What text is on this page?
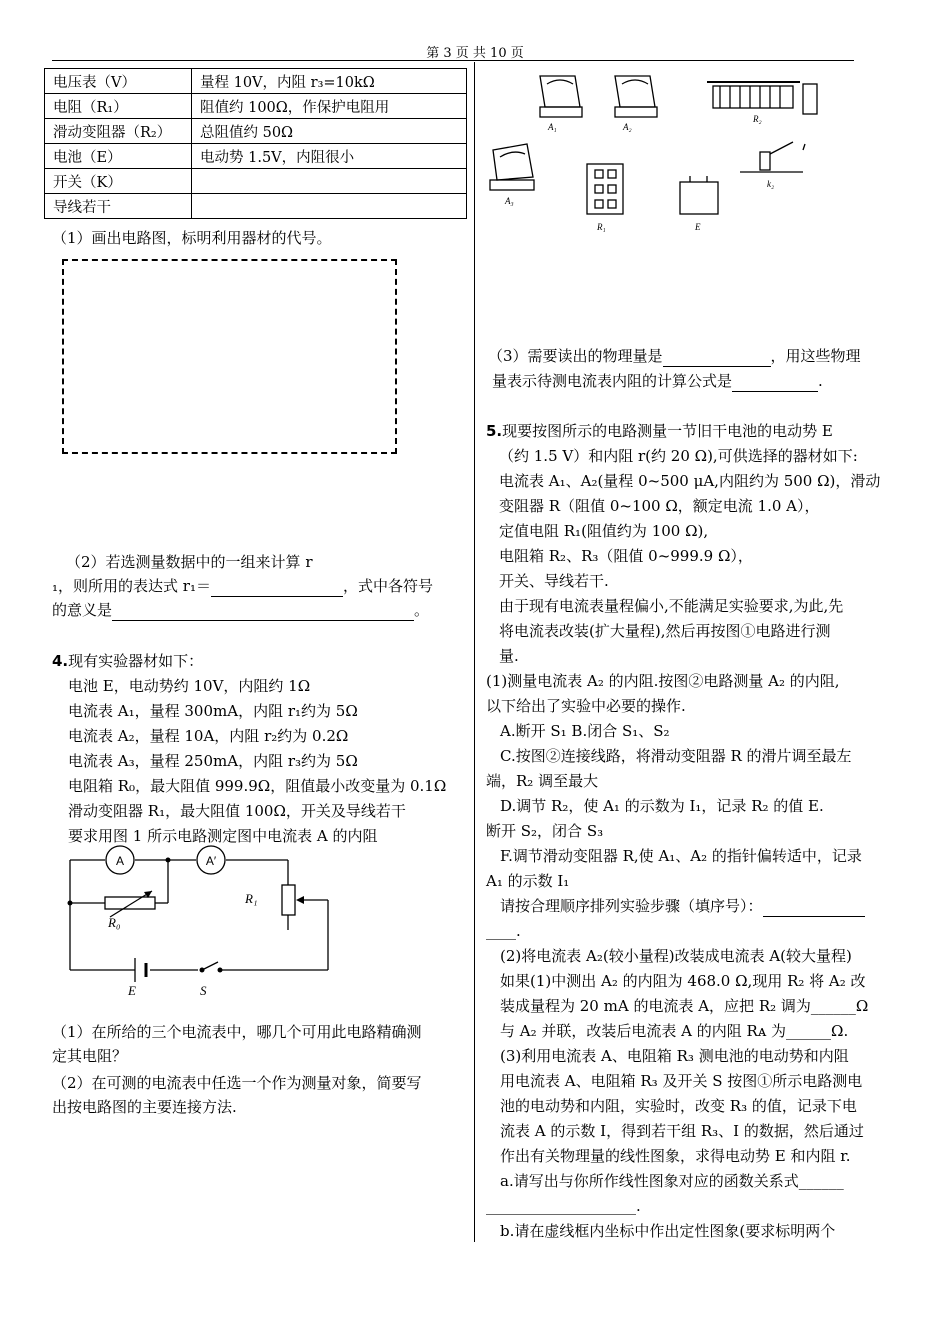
第 3 页 共 10 页
电压表（V）	量程 10V，内阻 r₃=10kΩ
电阻（R₁）	阻值约 100Ω，作保护电阻用
滑动变阻器（R₂）	总阻值约 50Ω
电池（E）	电动势 1.5V，内阻很小
开关（K）	
导线若干	
（1）画出电路图，标明利用器材的代号。
（2）若选测量数据中的一组来计算 r
₁，则所用的表达式 r₁＝	，式中各符号
的意义是	。
4.现有实验器材如下：
电池 E，电动势约 10V，内阻约 1Ω
电流表 A₁，量程 300mA，内阻 r₁约为 5Ω
电流表 A₂，量程 10A，内阻 r₂约为 0.2Ω
电流表 A₃，量程 250mA，内阻 r₃约为 5Ω
电阻箱 R₀，最大阻值 999.9Ω，阻值最小改变量为 0.1Ω
滑动变阻器 R₁，最大阻值 100Ω，开关及导线若干
要求用图 1 所示电路测定图中电流表 A 的内阻
A	A′
R₀
R₁
E	S
（1）在所给的三个电流表中，哪几个可用此电路精确测
定其电阻？
（2）在可测的电流表中任选一个作为测量对象，简要写
出按电路图的主要连接方法.
A₁	A₂
R₂
A₃
R₁	E
k₂
（3）需要读出的物理量是	，用这些物理
量表示待测电流表内阻的计算公式是	.
5.现要按图所示的电路测量一节旧干电池的电动势 E
（约 1.5 V）和内阻 r(约 20 Ω),可供选择的器材如下:
电流表 A₁、A₂(量程 0~500 μA,内阻约为 500 Ω)，滑动
变阻器 R（阻值 0~100 Ω，额定电流 1.0 A），
定值电阻 R₁(阻值约为 100 Ω),
电阻箱 R₂、R₃（阻值 0~999.9 Ω），
开关、导线若干.
由于现有电流表量程偏小,不能满足实验要求,为此,先
将电流表改装(扩大量程),然后再按图①电路进行测
量.
(1)测量电流表 A₂ 的内阻.按图②电路测量 A₂ 的内阻,
以下给出了实验中必要的操作.
A.断开 S₁ B.闭合 S₁、S₂
C.按图②连接线路，将滑动变阻器 R 的滑片调至最左
端，R₂ 调至最大
D.调节 R₂，使 A₁ 的示数为 I₁，记录 R₂ 的值 E.
断开 S₂，闭合 S₃
F.调节滑动变阻器 R,使 A₁、A₂ 的指针偏转适中，记录
A₁ 的示数 I₁
请按合理顺序排列实验步骤（填序号）：
____.
(2)将电流表 A₂(较小量程)改装成电流表 A(较大量程)
如果(1)中测出 A₂ 的内阻为 468.0 Ω,现用 R₂ 将 A₂ 改
装成量程为 20 mA 的电流表 A，应把 R₂ 调为______Ω
与 A₂ 并联，改装后电流表 A 的内阻 Rᴀ 为______Ω.
(3)利用电流表 A、电阻箱 R₃ 测电池的电动势和内阻
用电流表 A、电阻箱 R₃ 及开关 S 按图①所示电路测电
池的电动势和内阻，实验时，改变 R₃ 的值，记录下电
流表 A 的示数 I，得到若干组 R₃、I 的数据，然后通过
作出有关物理量的线性图象，求得电动势 E 和内阻 r.
a.请写出与你所作线性图象对应的函数关系式______
____________________.
b.请在虚线框内坐标中作出定性图象(要求标明两个
